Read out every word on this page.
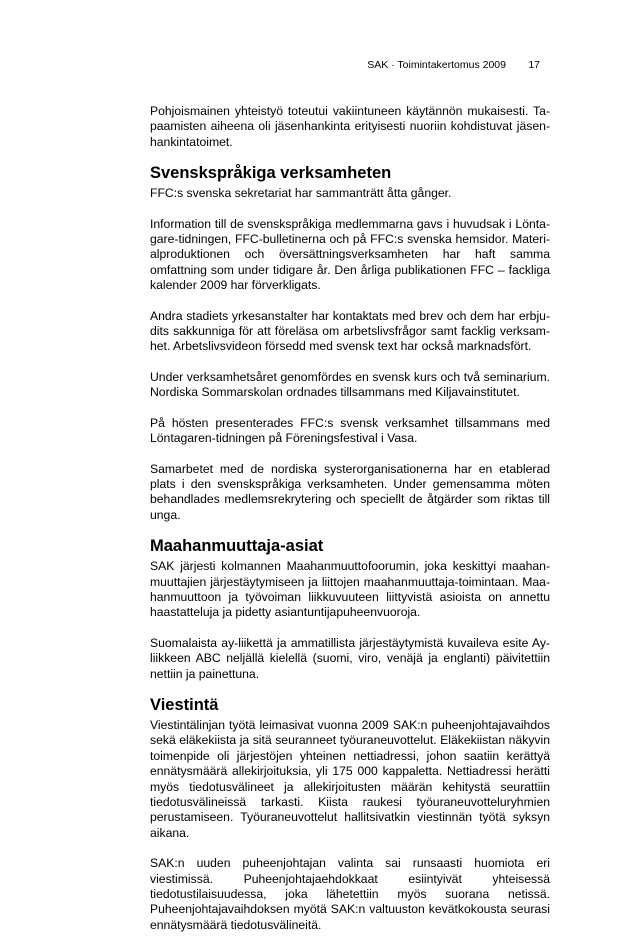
SAK · Toimintakertomus 2009 17

Pohjoismainen yhteistyö toteutui vakiintuneen käytännön mukaisesti. Tapaamisten aiheena oli jäsenhankinta erityisesti nuoriin kohdistuvat jäsenhankintatoimet.

Svenskspråkiga verksamheten

FFC:s svenska sekretariat har sammanträtt åtta gånger.

Information till de svenskspråkiga medlemmarna gavs i huvudsak i Löntagare-tidningen, FFC-bulletinerna och på FFC:s svenska hemsidor. Materialproduktionen och översättningsverksamheten har haft samma omfattning som under tidigare år. Den årliga publikationen FFC – fackliga kalender 2009 har förverkligats.

Andra stadiets yrkesanstalter har kontaktats med brev och dem har erbjudits sakkunniga för att föreläsa om arbetslivsfrågor samt facklig verksamhet. Arbetslivsvideon försedd med svensk text har också marknadsfört.

Under verksamhetsåret genomfördes en svensk kurs och två seminarium. Nordiska Sommarskolan ordnades tillsammans med Kiljavainstitutet.

På hösten presenterades FFC:s svensk verksamhet tillsammans med Löntagaren-tidningen på Föreningsfestival i Vasa.

Samarbetet med de nordiska systerorganisationerna har en etablerad plats i den svenskspråkiga verksamheten. Under gemensamma möten behandlades medlemsrekrytering och speciellt de åtgärder som riktas till unga.

Maahanmuuttaja-asiat

SAK järjesti kolmannen Maahanmuuttofoorumin, joka keskittyi maahanmuuttajien järjestäytymiseen ja liittojen maahanmuuttaja-toimintaan. Maahanmuuttoon ja työvoiman liikkuvuuteen liittyvistä asioista on annettu haastatteluja ja pidetty asiantuntijapuheenvuoroja.

Suomalaista ay-liikettä ja ammatillista järjestäytymistä kuvaileva esite Ay-liikkeen ABC neljällä kielellä (suomi, viro, venäjä ja englanti) päivitettiin nettiin ja painettuna.

Viestintä

Viestintälinjan työtä leimasivat vuonna 2009 SAK:n puheenjohtajavaihdos sekä eläkekiista ja sitä seuranneet työuraneuvottelut. Eläkekiistan näkyvin toimenpide oli järjestöjen yhteinen nettiadressi, johon saatiin kerättyä ennätysmäärä allekirjoituksia, yli 175 000 kappaletta. Nettiadressi herätti myös tiedotusvälineet ja allekirjoitusten määrän kehitystä seurattiin tiedotusvälineissä tarkasti. Kiista raukesi työuraneuvotteluryhmien perustamiseen. Työuraneuvottelut hallitsivatkin viestinnän työtä syksyn aikana.

SAK:n uuden puheenjohtajan valinta sai runsaasti huomiota eri viestimissä. Puheenjohtajaehdokkaat esiintyivät yhteisessä tiedotustilaisuudessa, joka lähetettiin myös suorana netissä. Puheenjohtajavaihdoksen myötä SAK:n valtuuston kevätkokousta seurasi ennätysmäärä tiedotusvälineitä.
